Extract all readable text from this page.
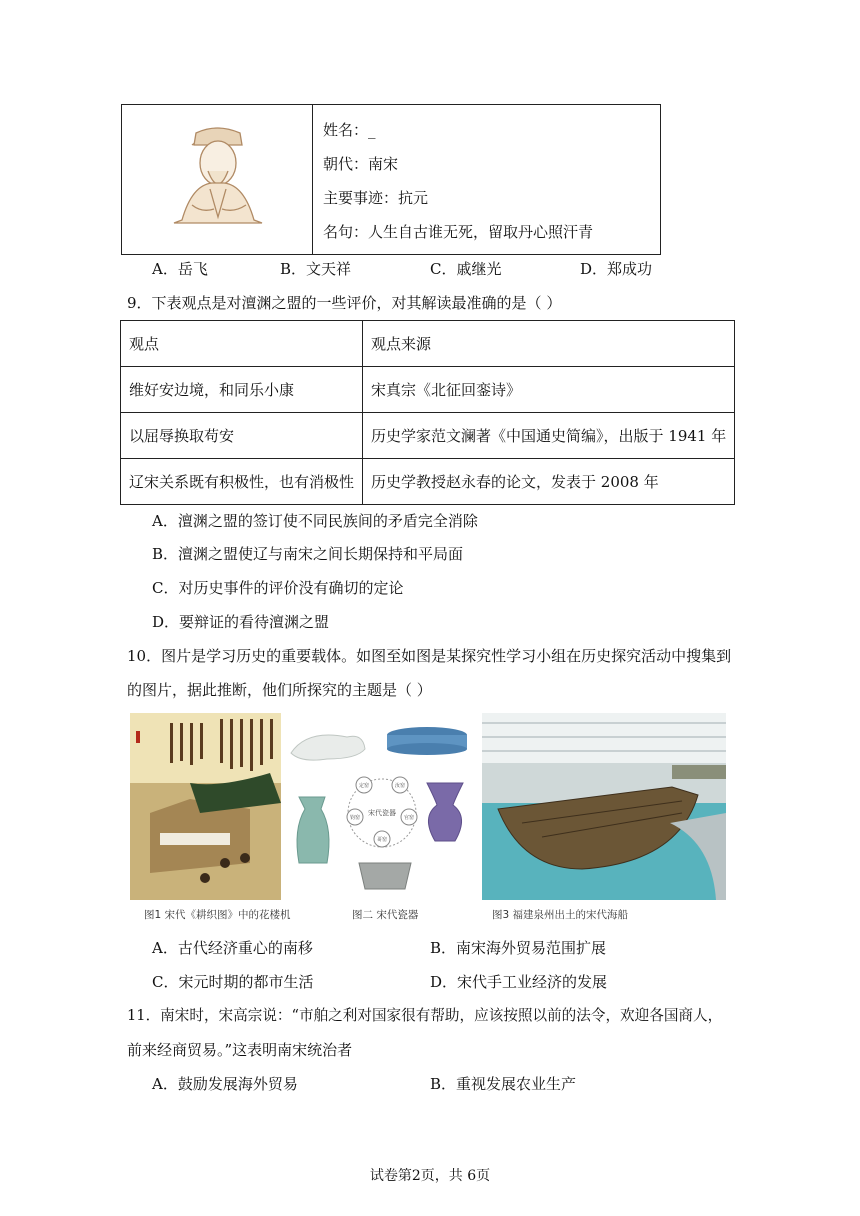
姓名：_
朝代：南宋
主要事迹：抗元
名句：人生自古谁无死，留取丹心照汗青
A．岳飞	B．文天祥	C．戚继光	D．郑成功
9．下表观点是对澶渊之盟的一些评价，对其解读最准确的是（ ）
观点	观点来源
维好安边境，和同乐小康	宋真宗《北征回銮诗》
以屈辱换取苟安	历史学家范文澜著《中国通史简编》，出版于 1941 年
辽宋关系既有积极性，也有消极性	历史学教授赵永春的论文，发表于 2008 年
A．澶渊之盟的签订使不同民族间的矛盾完全消除
B．澶渊之盟使辽与南宋之间长期保持和平局面
C．对历史事件的评价没有确切的定论
D．要辩证的看待澶渊之盟
10．图片是学习历史的重要载体。如图至如图是某探究性学习小组在历史探究活动中搜集到
的图片，据此推断，他们所探究的主题是（ ）
宋代瓷器
定窑	汝窑
官窑
哥窑
钧窑
图1 宋代《耕织图》中的花楼机	图二 宋代瓷器	图3 福建泉州出土的宋代海船
A．古代经济重心的南移	B．南宋海外贸易范围扩展
C．宋元时期的都市生活	D．宋代手工业经济的发展
11．南宋时，宋高宗说：“市舶之利对国家很有帮助，应该按照以前的法令，欢迎各国商人，
前来经商贸易。”这表明南宋统治者
A．鼓励发展海外贸易	B．重视发展农业生产
试卷第2页，共 6页
